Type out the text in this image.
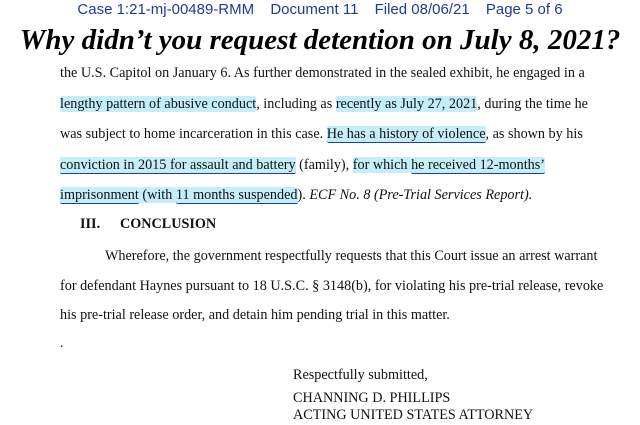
Case 1:21-mj-00489-RMM Document 11 Filed 08/06/21 Page 5 of 6
Why didn’t you request detention on July 8, 2021?
the U.S. Capitol on January 6. As further demonstrated in the sealed exhibit, he engaged in a
lengthy pattern of abusive conduct, including as recently as July 27, 2021, during the time he
was subject to home incarceration in this case. He has a history of violence, as shown by his
conviction in 2015 for assault and battery (family), for which he received 12-months’
imprisonment (with 11 months suspended). ECF No. 8 (Pre-Trial Services Report).
III. CONCLUSION
Wherefore, the government respectfully requests that this Court issue an arrest warrant
for defendant Haynes pursuant to 18 U.S.C. § 3148(b), for violating his pre-trial release, revoke
his pre-trial release order, and detain him pending trial in this matter.
.
Respectfully submitted,
CHANNING D. PHILLIPS
ACTING UNITED STATES ATTORNEY
